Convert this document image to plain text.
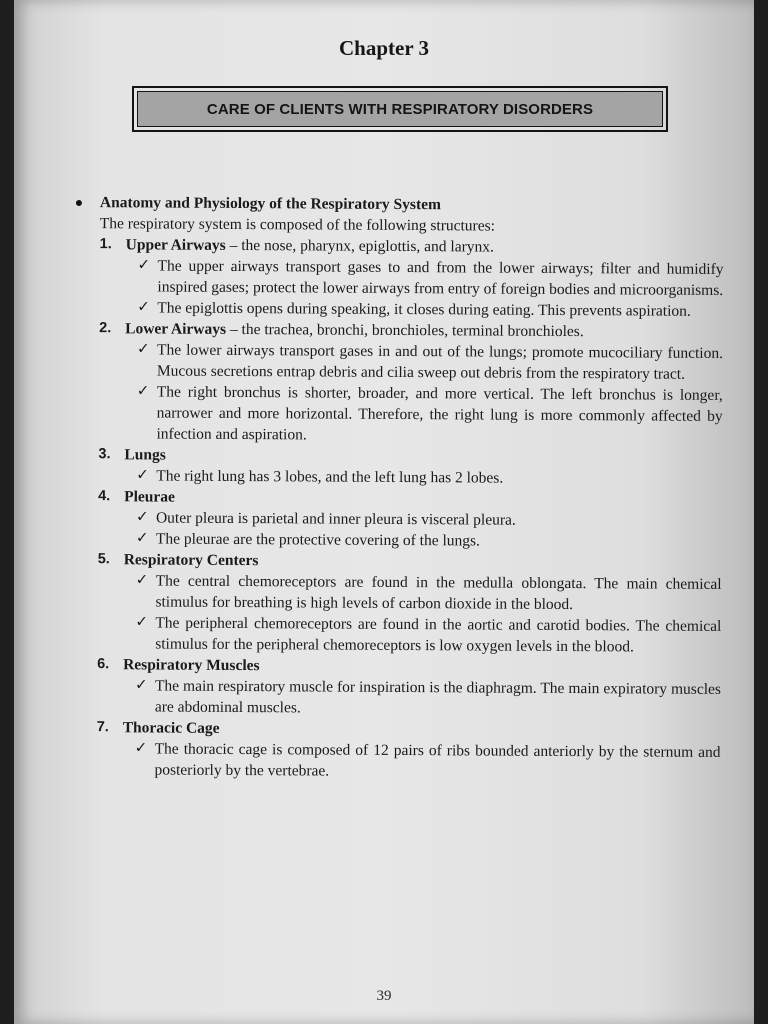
Chapter 3
CARE OF CLIENTS WITH RESPIRATORY DISORDERS
Anatomy and Physiology of the Respiratory System
The respiratory system is composed of the following structures:
1. Upper Airways – the nose, pharynx, epiglottis, and larynx.
✓ The upper airways transport gases to and from the lower airways; filter and humidify inspired gases; protect the lower airways from entry of foreign bodies and microorganisms.
✓ The epiglottis opens during speaking, it closes during eating. This prevents aspiration.
2. Lower Airways – the trachea, bronchi, bronchioles, terminal bronchioles.
✓ The lower airways transport gases in and out of the lungs; promote mucociliary function. Mucous secretions entrap debris and cilia sweep out debris from the respiratory tract.
✓ The right bronchus is shorter, broader, and more vertical. The left bronchus is longer, narrower and more horizontal. Therefore, the right lung is more commonly affected by infection and aspiration.
3. Lungs
✓ The right lung has 3 lobes, and the left lung has 2 lobes.
4. Pleurae
✓ Outer pleura is parietal and inner pleura is visceral pleura.
✓ The pleurae are the protective covering of the lungs.
5. Respiratory Centers
✓ The central chemoreceptors are found in the medulla oblongata. The main chemical stimulus for breathing is high levels of carbon dioxide in the blood.
✓ The peripheral chemoreceptors are found in the aortic and carotid bodies. The chemical stimulus for the peripheral chemoreceptors is low oxygen levels in the blood.
6. Respiratory Muscles
✓ The main respiratory muscle for inspiration is the diaphragm. The main expiratory muscles are abdominal muscles.
7. Thoracic Cage
✓ The thoracic cage is composed of 12 pairs of ribs bounded anteriorly by the sternum and posteriorly by the vertebrae.
39
